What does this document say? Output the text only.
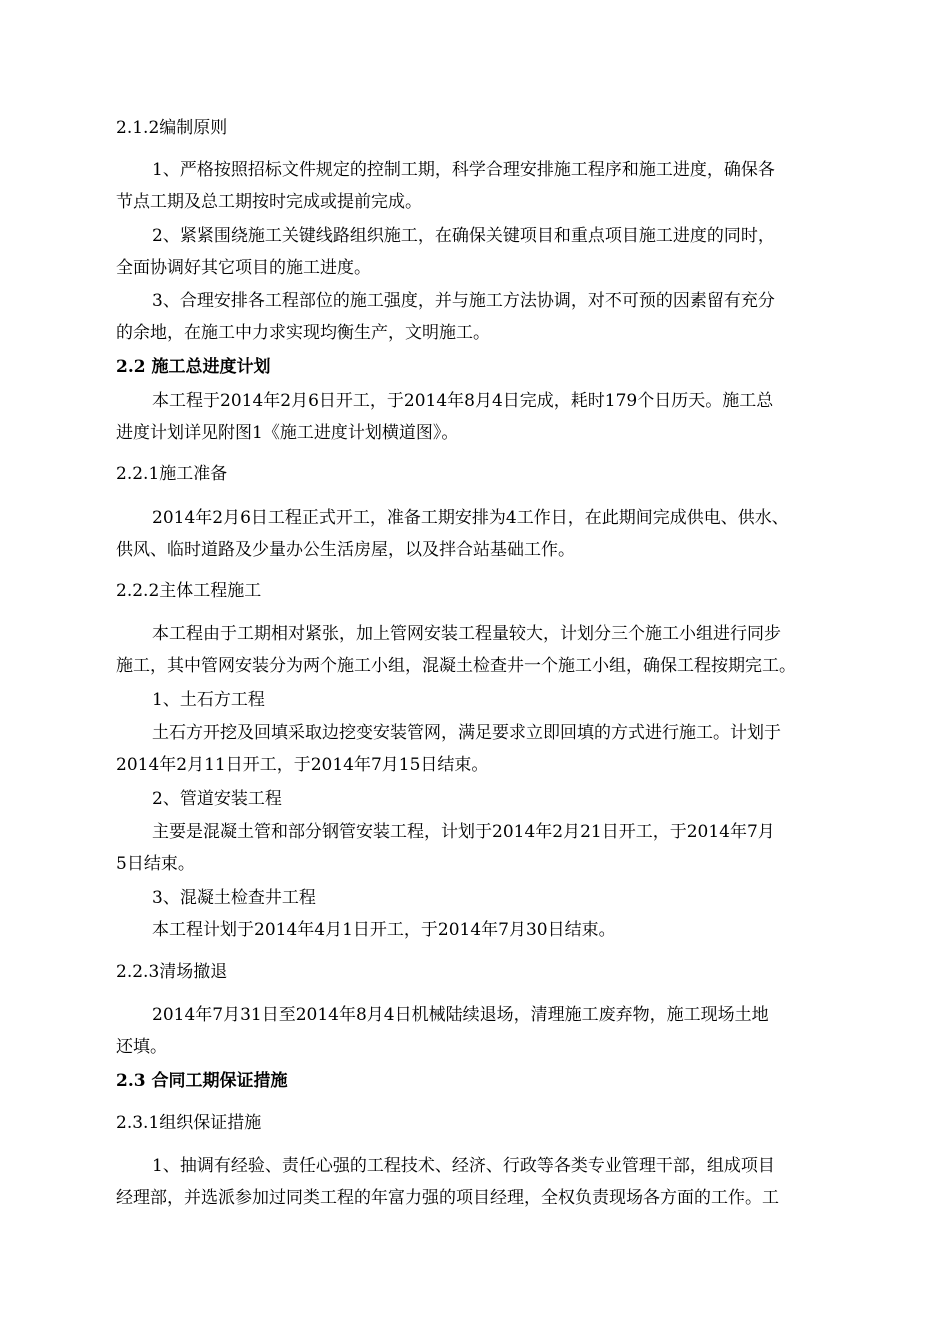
2.1.2编制原则
1、严格按照招标文件规定的控制工期，科学合理安排施工程序和施工进度，确保各
节点工期及总工期按时完成或提前完成。
2、紧紧围绕施工关键线路组织施工，在确保关键项目和重点项目施工进度的同时，
全面协调好其它项目的施工进度。
3、合理安排各工程部位的施工强度，并与施工方法协调，对不可预的因素留有充分
的余地，在施工中力求实现均衡生产，文明施工。
2.2 施工总进度计划
本工程于2014年2月6日开工，于2014年8月4日完成，耗时179个日历天。施工总
进度计划详见附图1《施工进度计划横道图》。
2.2.1施工准备
2014年2月6日工程正式开工，准备工期安排为4工作日，在此期间完成供电、供水、
供风、临时道路及少量办公生活房屋，以及拌合站基础工作。
2.2.2主体工程施工
本工程由于工期相对紧张，加上管网安装工程量较大，计划分三个施工小组进行同步
施工，其中管网安装分为两个施工小组，混凝土检查井一个施工小组，确保工程按期完工。
1、土石方工程
土石方开挖及回填采取边挖变安装管网，满足要求立即回填的方式进行施工。计划于
2014年2月11日开工，于2014年7月15日结束。
2、管道安装工程
主要是混凝土管和部分钢管安装工程，计划于2014年2月21日开工，于2014年7月
5日结束。
3、混凝土检查井工程
本工程计划于2014年4月1日开工，于2014年7月30日结束。
2.2.3清场撤退
2014年7月31日至2014年8月4日机械陆续退场，清理施工废弃物，施工现场土地
还填。
2.3 合同工期保证措施
2.3.1组织保证措施
1、抽调有经验、责任心强的工程技术、经济、行政等各类专业管理干部，组成项目
经理部，并选派参加过同类工程的年富力强的项目经理，全权负责现场各方面的工作。工
